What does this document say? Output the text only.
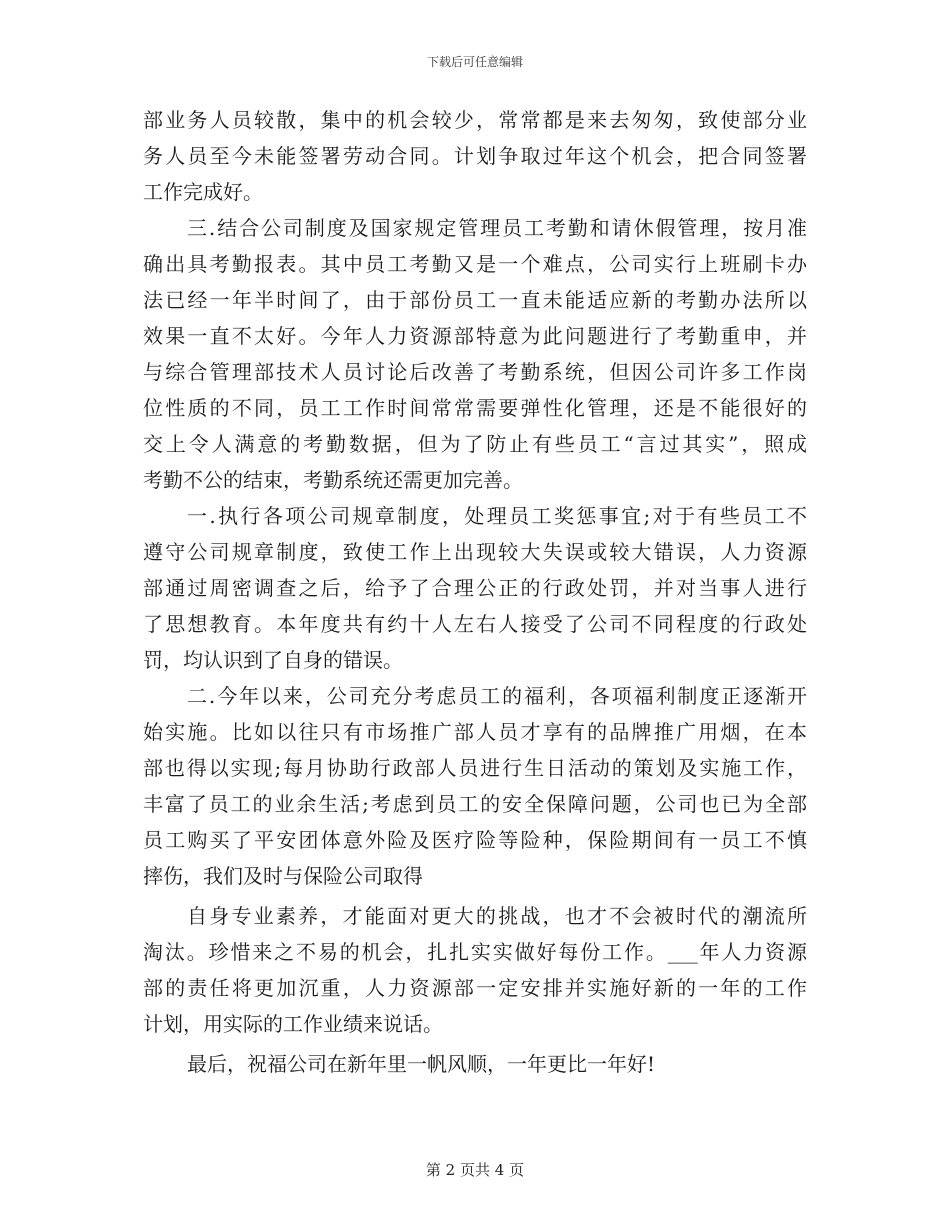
下载后可任意编辑
部业务人员较散，集中的机会较少，常常都是来去匆匆，致使部分业
务人员至今未能签署劳动合同。计划争取过年这个机会，把合同签署
工作完成好。
三.结合公司制度及国家规定管理员工考勤和请休假管理，按月准
确出具考勤报表。其中员工考勤又是一个难点，公司实行上班刷卡办
法已经一年半时间了，由于部份员工一直未能适应新的考勤办法所以
效果一直不太好。今年人力资源部特意为此问题进行了考勤重申，并
与综合管理部技术人员讨论后改善了考勤系统，但因公司许多工作岗
位性质的不同，员工工作时间常常需要弹性化管理，还是不能很好的
交上令人满意的考勤数据，但为了防止有些员工“言过其实”，照成
考勤不公的结束，考勤系统还需更加完善。
一.执行各项公司规章制度，处理员工奖惩事宜;对于有些员工不
遵守公司规章制度，致使工作上出现较大失误或较大错误，人力资源
部通过周密调查之后，给予了合理公正的行政处罚，并对当事人进行
了思想教育。本年度共有约十人左右人接受了公司不同程度的行政处
罚，均认识到了自身的错误。
二.今年以来，公司充分考虑员工的福利，各项福利制度正逐渐开
始实施。比如以往只有市场推广部人员才享有的品牌推广用烟，在本
部也得以实现;每月协助行政部人员进行生日活动的策划及实施工作，
丰富了员工的业余生活;考虑到员工的安全保障问题，公司也已为全部
员工购买了平安团体意外险及医疗险等险种，保险期间有一员工不慎
摔伤，我们及时与保险公司取得
自身专业素养，才能面对更大的挑战，也才不会被时代的潮流所
淘汰。珍惜来之不易的机会，扎扎实实做好每份工作。___年人力资源
部的责任将更加沉重，人力资源部一定安排并实施好新的一年的工作
计划，用实际的工作业绩来说话。
最后，祝福公司在新年里一帆风顺，一年更比一年好!
第 2 页共 4 页
